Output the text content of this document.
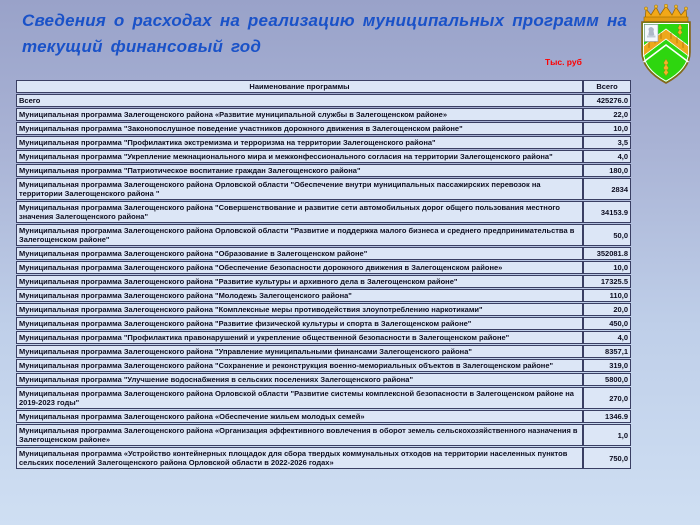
Сведения о расходах на реализацию муниципальных программ на текущий финансовый год
Тыс. руб
Наименование программы	Всего
Всего	425276.0
Муниципальная программа Залегощенского района «Развитие муниципальной службы в Залегощенском районе»	22,0
Муниципальная программа "Законопослушное поведение участников дорожного движения в Залегощенском районе"	10,0
Муниципальная программа "Профилактика экстремизма и терроризма на территории Залегощенского района"	3,5
Муниципальная программа "Укрепление межнационального мира и межконфессионального согласия на территории Залегощенского района"	4,0
Муниципальная программа "Патриотическое воспитание граждан Залегощенского района"	180,0
Муниципальная программа Залегощенского района Орловской области "Обеспечение внутри муниципальных пассажирских перевозок на территории Залегощенского района "	2834
Муниципальная программа Залегощенского района "Совершенствование и развитие сети автомобильных дорог общего пользования местного значения Залегощенского района"	34153.9
Муниципальная программа Залегощенского района Орловской области "Развитие и поддержка малого бизнеса и среднего предпринимательства в Залегощенском районе"	50,0
Муниципальная программа Залегощенского района "Образование в Залегощенском районе"	352081.8
Муниципальная программа Залегощенского района "Обеспечение безопасности дорожного движения в Залегощенском районе»	10,0
Муниципальная программа Залегощенского района "Развитие культуры и архивного дела в Залегощенском районе"	17325.5
Муниципальная программа Залегощенского района "Молодежь Залегощенского района"	110,0
Муниципальная программа Залегощенского района "Комплексные меры противодействия злоупотреблению наркотиками"	20,0
Муниципальная программа Залегощенского района "Развитие физической культуры и спорта в Залегощенском районе"	450,0
Муниципальная программа "Профилактика правонарушений и укрепление общественной безопасности в Залегощенском районе"	4,0
Муниципальная программа Залегощенского района "Управление муниципальными финансами Залегощенского района"	8357,1
Муниципальная программа Залегощенского района "Сохранение и реконструкция военно-мемориальных объектов в Залегощенском районе"	319,0
Муниципальная программа "Улучшение водоснабжения в сельских поселениях Залегощенского района"	5800,0
Муниципальная программа Залегощенского района Орловской области "Развитие системы комплексной безопасности в Залегощенском районе на 2019-2023 годы"	270,0
Муниципальная программа Залегощенского района «Обеспечение жильем молодых семей»	1346.9
Муниципальная программа Залегощенского района «Организация эффективного вовлечения в оборот земель сельскохозяйственного назначения в Залегощенском районе»	1,0
Муниципальная программа «Устройство контейнерных площадок для сбора твердых коммунальных отходов на территории населенных пунктов сельских поселений Залегощенского района Орловской области в 2022-2026 годах»	750,0
